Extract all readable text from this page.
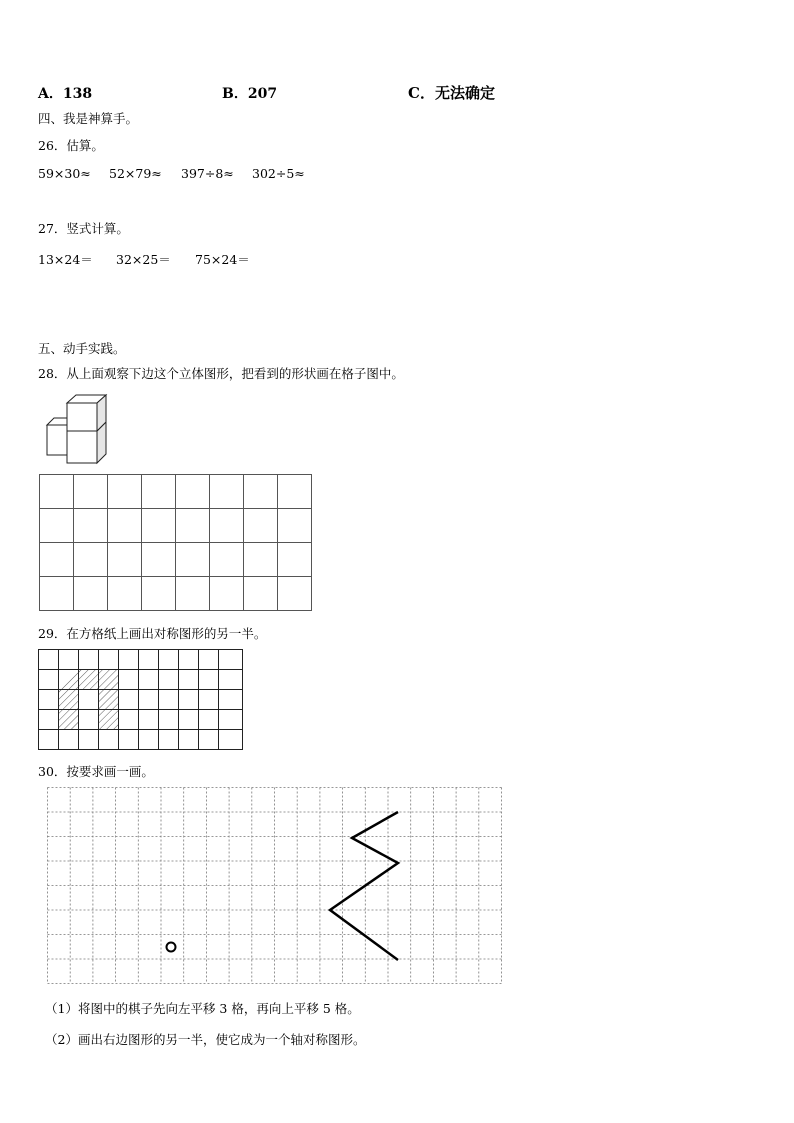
A．138	B．207	C．无法确定
四、我是神算手。
26．估算。
59×30≈ 52×79≈ 397÷8≈ 302÷5≈
27．竖式计算。
13×24＝ 32×25＝ 75×24＝
五、动手实践。
28．从上面观察下边这个立体图形，把看到的形状画在格子图中。
29．在方格纸上画出对称图形的另一半。
30．按要求画一画。
（1）将图中的棋子先向左平移 3 格，再向上平移 5 格。
（2）画出右边图形的另一半，使它成为一个轴对称图形。
